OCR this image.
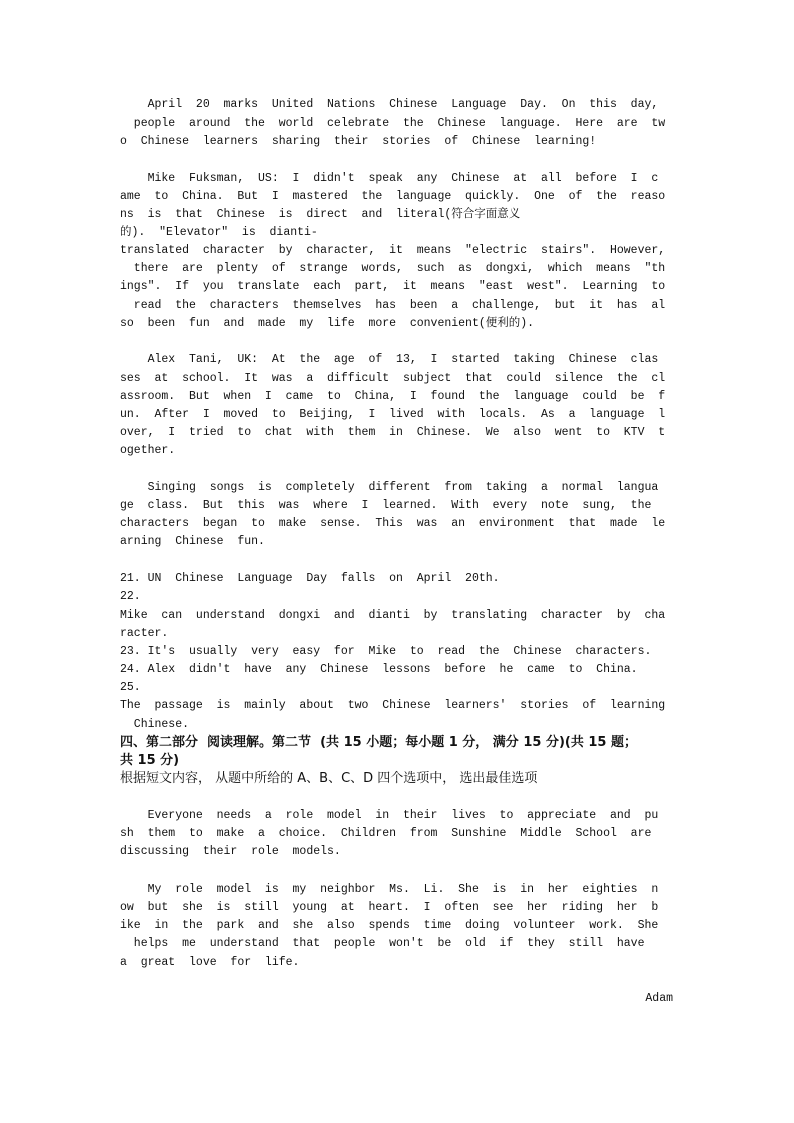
April  20  marks  United  Nations  Chinese  Language  Day.  On  this  day,
people  around  the  world  celebrate  the  Chinese  language.  Here  are  tw
o  Chinese  learners  sharing  their  stories  of  Chinese  learning!
Mike  Fuksman,  US:  I  didn't  speak  any  Chinese  at  all  before  I  c
ame  to  China.  But  I  mastered  the  language  quickly.  One  of  the  reaso
ns  is  that  Chinese  is  direct  and  literal(符合字面意义
的).  "Elevator"  is  dianti-
translated  character  by  character,  it  means  "electric  stairs".  However,
there  are  plenty  of  strange  words,  such  as  dongxi,  which  means  "th
ings".  If  you  translate  each  part,  it  means  "east  west".  Learning  to
read  the  characters  themselves  has  been  a  challenge,  but  it  has  al
so  been  fun  and  made  my  life  more  convenient(便利的).
Alex  Tani,  UK:  At  the  age  of  13,  I  started  taking  Chinese  clas
ses  at  school.  It  was  a  difficult  subject  that  could  silence  the  cl
assroom.  But  when  I  came  to  China,  I  found  the  language  could  be  f
un.  After  I  moved  to  Beijing,  I  lived  with  locals.  As  a  language  l
over,  I  tried  to  chat  with  them  in  Chinese.  We  also  went  to  KTV  t
ogether.
Singing  songs  is  completely  different  from  taking  a  normal  langua
ge  class.  But  this  was  where  I  learned.  With  every  note  sung,  the
characters  began  to  make  sense.  This  was  an  environment  that  made  le
arning  Chinese  fun.
21. UN  Chinese  Language  Day  falls  on  April  20th.
22.
Mike  can  understand  dongxi  and  dianti  by  translating  character  by  cha
racter.
23. It's  usually  very  easy  for  Mike  to  read  the  Chinese  characters.
24. Alex  didn't  have  any  Chinese  lessons  before  he  came  to  China.
25.
The  passage  is  mainly  about  two  Chinese  learners'  stories  of  learning
Chinese.
四、第二部分  阅读理解。第二节  (共 15 小题；每小题 1 分， 满分 15 分)(共 15 题；
共 15 分)
根据短文内容， 从题中所给的 A、B、C、D 四个选项中， 选出最佳选项
Everyone  needs  a  role  model  in  their  lives  to  appreciate  and  pu
sh  them  to  make  a  choice.  Children  from  Sunshine  Middle  School  are
discussing  their  role  models.
My  role  model  is  my  neighbor  Ms.  Li.  She  is  in  her  eighties  n
ow  but  she  is  still  young  at  heart.  I  often  see  her  riding  her  b
ike  in  the  park  and  she  also  spends  time  doing  volunteer  work.  She
helps  me  understand  that  people  won't  be  old  if  they  still  have
a  great  love  for  life.
Adam
